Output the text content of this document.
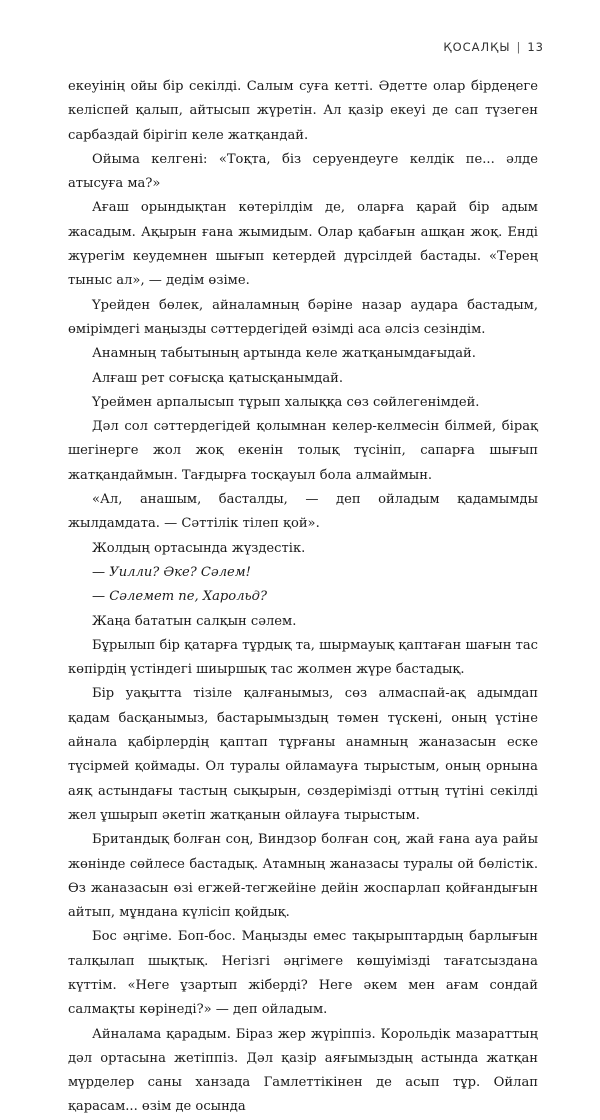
ҚОСАЛҚЫ | 13

екеуінің ойы бір секілді. Салым суға кетті. Әдетте олар бірдеңеге келіспей қалып, айтысып жүретін. Ал қазір екеуі де сап түзеген сарбаздай бірігіп келе жатқандай.

Ойыма келгені: «Тоқта, біз серуендеуге келдік пе... әлде атысуға ма?»

Ағаш орындықтан көтерілдім де, оларға қарай бір адым жасадым. Ақырын ғана жымидым. Олар қабағын ашқан жоқ. Енді жүрегім кеудемнен шығып кетердей дүрсілдей бастады. «Терең тыныс ал», — дедім өзіме.

Үрейден бөлек, айналамның бәріне назар аудара бастадым, өмірімдегі маңызды сәттердегідей өзімді аса әлсіз сезіндім.

Анамның табытының артында келе жатқанымдағыдай.

Алғаш рет соғысқа қатысқанымдай.

Үреймен арпалысып тұрып халыққа сөз сөйлегенімдей.

Дәл сол сәттердегідей қолымнан келер-келмесін білмей, бірақ шегінерге жол жоқ екенін толық түсініп, сапарға шығып жатқандаймын. Тағдырға тосқауыл бола алмаймын.

«Ал, анашым, басталды, — деп ойладым қадамымды жылдамдата. — Сәттілік тілеп қой».

Жолдың ортасында жүздестік.

— Уилли? Әке? Сәлем!

— Сәлемет пе, Харольд?

Жаңа бататын салқын сәлем.

Бұрылып бір қатарға тұрдық та, шырмауық қаптаған шағын тас көпірдің үстіндегі шиыршық тас жолмен жүре бастадық.

Бір уақытта тізіле қалғанымыз, сөз алмаспай-ақ адымдап қадам басқанымыз, бастарымыздың төмен түскені, оның үстіне айнала қабірлердің қаптап тұрғаны анамның жаназасын еске түсірмей қоймады. Ол туралы ойламауға тырыстым, оның орнына аяқ астындағы тастың сықырын, сөздерімізді оттың түтіні секілді жел ұшырып әкетіп жатқанын ойлауға тырыстым.

Британдық болған соң, Виндзор болған соң, жай ғана ауа райы жөнінде сөйлесе бастадық. Атамның жаназасы туралы ой бөлістік. Өз жаназасын өзі егжей-тегжейіне дейін жоспарлап қойғандығын айтып, мұндана күлісіп қойдық.

Бос әңгіме. Боп-бос. Маңызды емес тақырыптардың барлығын талқылап шықтық. Негізгі әңгімеге көшуімізді тағатсыздана күттім. «Неге ұзартып жіберді? Неге әкем мен ағам сондай салмақты көрінеді?» — деп ойладым.

Айналама қарадым. Біраз жер жүріппіз. Корольдік мазараттың дәл ортасына жетіппіз. Дәл қазір аяғымыздың астында жатқан мүрделер саны ханзада Гамлеттікінен де асып тұр. Ойлап қарасам... өзім де осында
